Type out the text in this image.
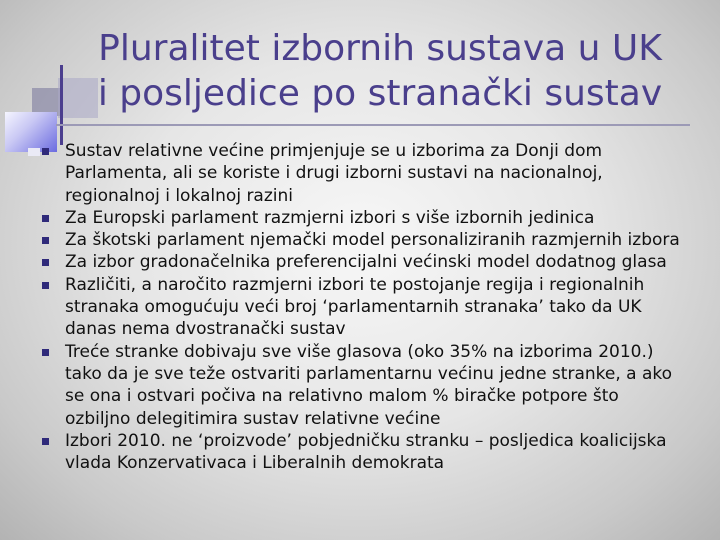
Pluralitet izbornih sustava u UK
i posljedice po stranački sustav
Sustav relativne većine primjenjuje se u izborima za Donji dom
Parlamenta, ali se koriste i drugi izborni sustavi na nacionalnoj,
regionalnoj i lokalnoj razini
Za Europski parlament razmjerni izbori s više izbornih jedinica
Za škotski parlament njemački model personaliziranih razmjernih izbora
Za izbor gradonačelnika preferencijalni većinski model dodatnog glasa
Različiti, a naročito razmjerni izbori te postojanje regija i regionalnih
stranaka omogućuju veći broj ‘parlamentarnih stranaka’ tako da UK
danas nema dvostranački sustav
Treće stranke dobivaju sve više glasova (oko 35% na izborima 2010.)
tako da je sve teže ostvariti parlamentarnu većinu jedne stranke, a ako
se ona i ostvari počiva na relativno malom % biračke potpore što
ozbiljno delegitimira sustav relativne većine
Izbori 2010. ne ‘proizvode’ pobjedničku stranku – posljedica koalicijska
vlada Konzervativaca i Liberalnih demokrata
